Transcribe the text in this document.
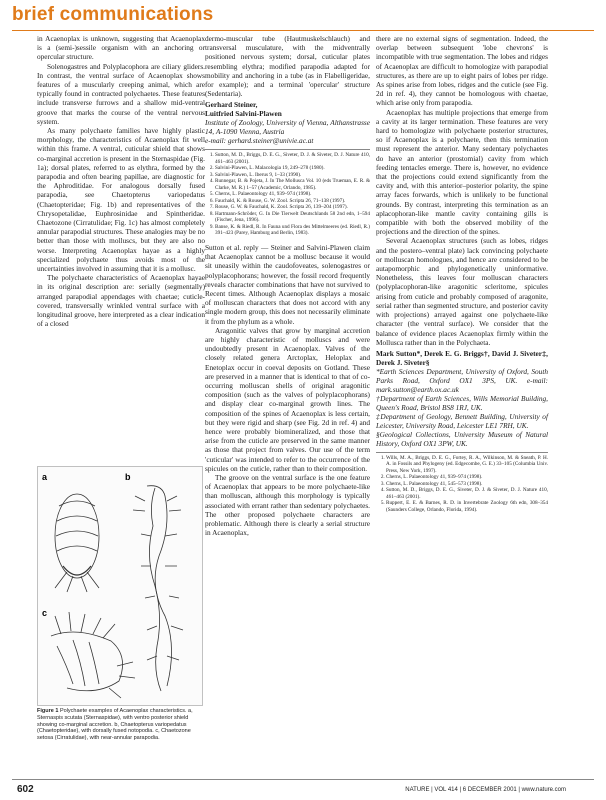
brief communications

in Acaenoplax is unknown, suggesting that Acaenoplax is a (semi-)sessile organism with an anchoring or opercular structure.

Solenogastres and Polyplacophora are ciliary gliders. In contrast, the ventral surface of Acaenoplax shows features of a muscularly creeping animal, which are typically found in contracted polychaetes. These features include transverse furrows and a shallow mid-ventral groove that marks the course of the ventral nervous system.

As many polychaete families have highly plastic morphology, the characteristics of Acaenoplax fit well within this frame. A ventral, cuticular shield that shows co-marginal accretion is present in the Sternaspidae (Fig. 1a); dorsal plates, referred to as elythra, formed by the parapodia and often bearing papillae, are diagnostic for the Aphroditidae. For analogous dorsally fused parapodia, see Chaetopterus variopedatus (Chaetopteridae; Fig. 1b) and representatives of the Chrysopetalidae, Euphrosinidae and Spintheridae. Chaetozone (Cirratulidae; Fig. 1c) has almost completely annular parapodial structures. These analogies may be no better than those with molluscs, but they are also no worse. Interpreting Acaenoplax hayae as a highly specialized polychaete thus avoids most of the uncertainties involved in assuming that it is a mollusc.

The polychaete characteristics of Acaenoplax hayae in its original description are: serially (segmentally) arranged parapodial appendages with chaetae; cuticle-covered, transversally wrinkled ventral surface with a longitudinal groove, here interpreted as a clear indication of a closed

a	b
c
Figure 1 Polychaete examples of Acaenoplax characteristics. a, Sternaspis scutata (Sternaspidae), with ventro posterior shield showing co-marginal accretion. b, Chaetopterus variopedatus (Chaetopteridae), with dorsally fused notopodia. c, Chaetozone setosa (Cirratulidae), with near-annular parapodia.

dermo-muscular tube (Hautmuskelschlauch) and transversal musculature, with the midventrally positioned nervous system; dorsal, cuticular plates resembling elythra; modified parapodia adapted for mobility and anchoring in a tube (as in Flabelligeridae, for example); and a terminal 'opercular' structure (Sedentaria).

Gerhard Steiner,
Luitfried Salvini-Plawen
Institute of Zoology, University of Vienna, Althanstrasse 14, A-1090 Vienna, Austria
e-mail: gerhard.steiner@univie.ac.at
1. Sutton, M. D., Briggs, D. E. G., Siveter, D. J. & Siveter, D. J. Nature 410, 461–463 (2001).
2. Salvini-Plawen, L. Malacologia 19, 249–278 (1980).
3. Salvini-Plawen, L. Iberus 9, 1–33 (1990).
4. Runnegar, B. & Pojeta, J. In The Mollusca Vol. 10 (eds Trueman, E. R. & Clarke, M. R.) 1–57 (Academic, Orlando, 1985).
5. Cherns, L. Palaeontology 41, 939–974 (1998).
6. Fauchald, K. & Rouse, G. W. Zool. Scripta 26, 71–138 (1997).
7. Rouse, G. W. & Fauchald, K. Zool. Scripta 26, 139–204 (1997).
8. Hartmann-Schröder, G. In Die Tierwelt Deutschlands 58 2nd edn, 1–594 (Fischer, Jena, 1996).
9. Banse, K. & Riedl, R. In Fauna und Flora des Mittelmeeres (ed. Riedl, R.) 391–423 (Parey, Hamburg and Berlin, 1983).

Sutton et al. reply — Steiner and Salvini-Plawen claim that Acaenoplax cannot be a mollusc because it would sit uneasily within the caudofoveates, solenogastres or polyplacophorans; however, the fossil record frequently reveals character combinations that have not survived to Recent times. Although Acaenoplax displays a mosaic of molluscan characters that does not accord with any single modern group, this does not necessarily eliminate it from the phylum as a whole.

Aragonitic valves that grow by marginal accretion are highly characteristic of molluscs and were undoubtedly present in Acaenoplax. Valves of the closely related genera Arctoplax, Heloplax and Enetoplax occur in coeval deposits on Gotland. These are preserved in a manner that is identical to that of co-occurring molluscan shells of original aragonitic composition (such as the valves of polyplacophorans) and display clear co-marginal growth lines. The composition of the spines of Acaenoplax is less certain, but they were rigid and sharp (see Fig. 2d in ref. 4) and hence were probably biomineralized, and those that arise from the cuticle are preserved in the same manner as those that project from valves. Our use of the term 'cuticular' was intended to refer to the occurrence of the spicules on the cuticle, rather than to their composition.

The groove on the ventral surface is the one feature of Acaenoplax that appears to be more polychaete-like than molluscan, although this morphology is typically associated with errant rather than sedentary polychaetes. The other proposed polychaete characters are problematic. Although there is clearly a serial structure in Acaenoplax,

there are no external signs of segmentation. Indeed, the overlap between subsequent 'lobe chevrons' is incompatible with true segmentation. The lobes and ridges of Acaenoplax are difficult to homologize with parapodial structures, as there are up to eight pairs of lobes per ridge. As spines arise from lobes, ridges and the cuticle (see Fig. 2d in ref. 4), they cannot be homologous with chaetae, which arise only from parapodia.

Acaenoplax has multiple projections that emerge from a cavity at its larger termination. These features are very hard to homologize with polychaete posterior structures, so if Acaenoplax is a polychaete, then this termination must represent the anterior. Many sedentary polychaetes do have an anterior (prostomial) cavity from which feeding tentacles emerge. There is, however, no evidence that the projections could extend significantly from the cavity and, with this anterior–posterior polarity, the spine array faces forwards, which is unlikely to be functional grounds. By contrast, interpreting this termination as an aplacophoran-like mantle cavity containing gills is compatible with both the observed mobility of the projections and the direction of the spines.

Several Acaenoplax structures (such as lobes, ridges and the postero–ventral plate) lack convincing polychaete or molluscan homologues, and hence are considered to be autapomorphic and phylogenetically uninformative. Nonetheless, this leaves four molluscan characters (polyplacophoran-like aragonitic scleritome, spicules arising from cuticle and probably composed of aragonite, serial rather than segmented structure, and posterior cavity with projections) arrayed against one polychaete-like character (the ventral surface). We consider that the balance of evidence places Acaenoplax firmly within the Mollusca rather than in the Polychaeta.

Mark Sutton*, Derek E. G. Briggs†, David J. Siveter‡, Derek J. Siveter§
*Earth Sciences Department, University of Oxford, South Parks Road, Oxford OX1 3PS, UK. e-mail: mark.sutton@earth.ox.ac.uk
†Department of Earth Sciences, Wills Memorial Building, Queen's Road, Bristol BS8 1RJ, UK.
‡Department of Geology, Bennett Building, University of Leicester, University Road, Leicester LE1 7RH, UK.
§Geological Collections, University Museum of Natural History, Oxford OX1 3PW, UK.
1. Wills, M. A., Briggs, D. E. G., Fortey, R. A., Wilkinson, M. & Sneath, P. H. A. in Fossils and Phylogeny (ed. Edgecombe, G. E.) 33–105 (Columbia Univ. Press, New York, 1997).
2. Cherns, L. Palaeontology 41, 939–974 (1998).
3. Cherns, L. Palaeontology 41, 545–573 (1998).
4. Sutton, M. D., Briggs, D. E. G., Siveter, D. J. & Siveter, D. J. Nature 410, 461–463 (2001).
5. Ruppert, E. E. & Barnes, R. D. in Invertebrate Zoology 6th edn, 308–354 (Saunders College, Orlando, Florida, 1994).
602	NATURE | VOL 414 | 6 DECEMBER 2001 | www.nature.com
